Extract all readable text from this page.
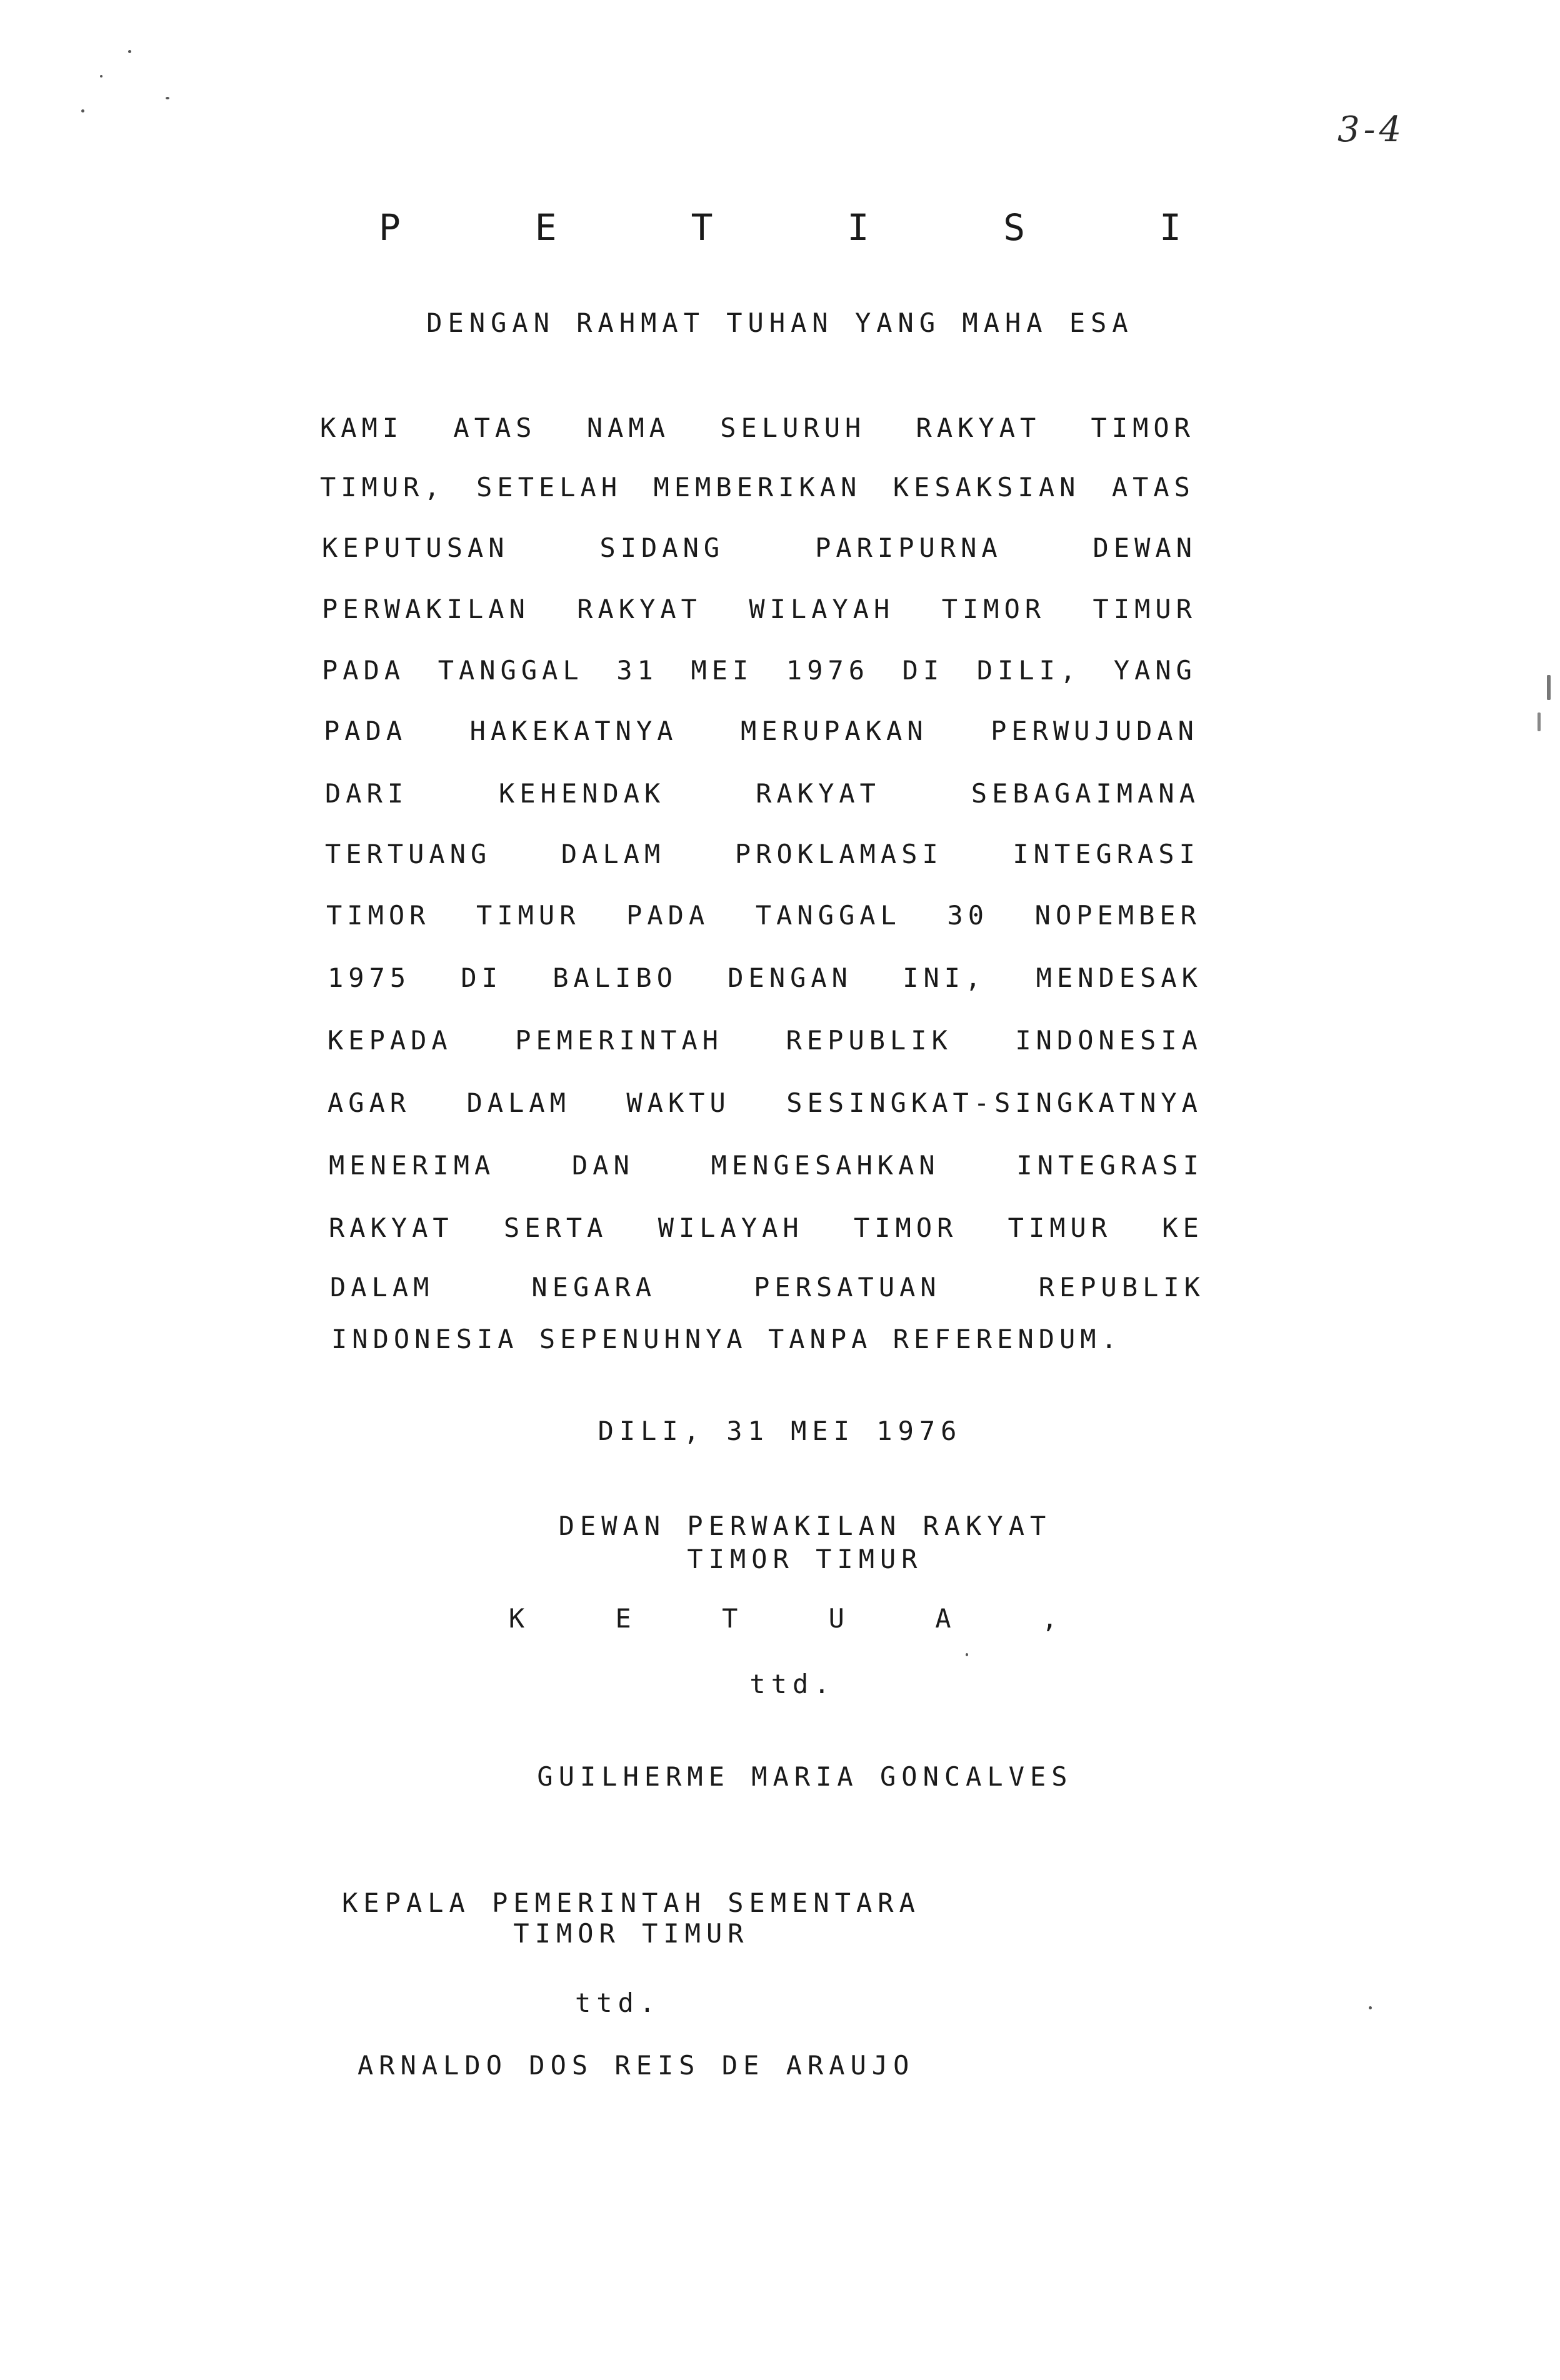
3-4
P E T I S I
DENGAN RAHMAT TUHAN YANG MAHA ESA
KAMI ATAS NAMA SELURUH RAKYAT TIMOR
TIMUR, SETELAH MEMBERIKAN KESAKSIAN ATAS
KEPUTUSAN	SIDANG	PARIPURNA	DEWAN
PERWAKILAN RAKYAT WILAYAH TIMOR TIMUR
PADA TANGGAL 31 MEI 1976 DI DILI, YANG
PADA HAKEKATNYA MERUPAKAN PERWUJUDAN
DARI	KEHENDAK	RAKYAT	SEBAGAIMANA
TERTUANG	DALAM	PROKLAMASI	INTEGRASI
TIMOR TIMUR PADA TANGGAL 30 NOPEMBER
1975 DI BALIBO DENGAN INI, MENDESAK
KEPADA PEMERINTAH REPUBLIK INDONESIA
AGAR DALAM WAKTU SESINGKAT-SINGKATNYA
MENERIMA	DAN	MENGESAHKAN	INTEGRASI
RAKYAT SERTA WILAYAH TIMOR TIMUR KE
DALAM	NEGARA	PERSATUAN	REPUBLIK
INDONESIA SEPENUHNYA TANPA REFERENDUM.
DILI, 31 MEI 1976
DEWAN PERWAKILAN RAKYAT
TIMOR TIMUR
K E T U A ,
ttd.
GUILHERME MARIA GONCALVES
KEPALA PEMERINTAH SEMENTARA
TIMOR TIMUR
ttd.
ARNALDO DOS REIS DE ARAUJO
